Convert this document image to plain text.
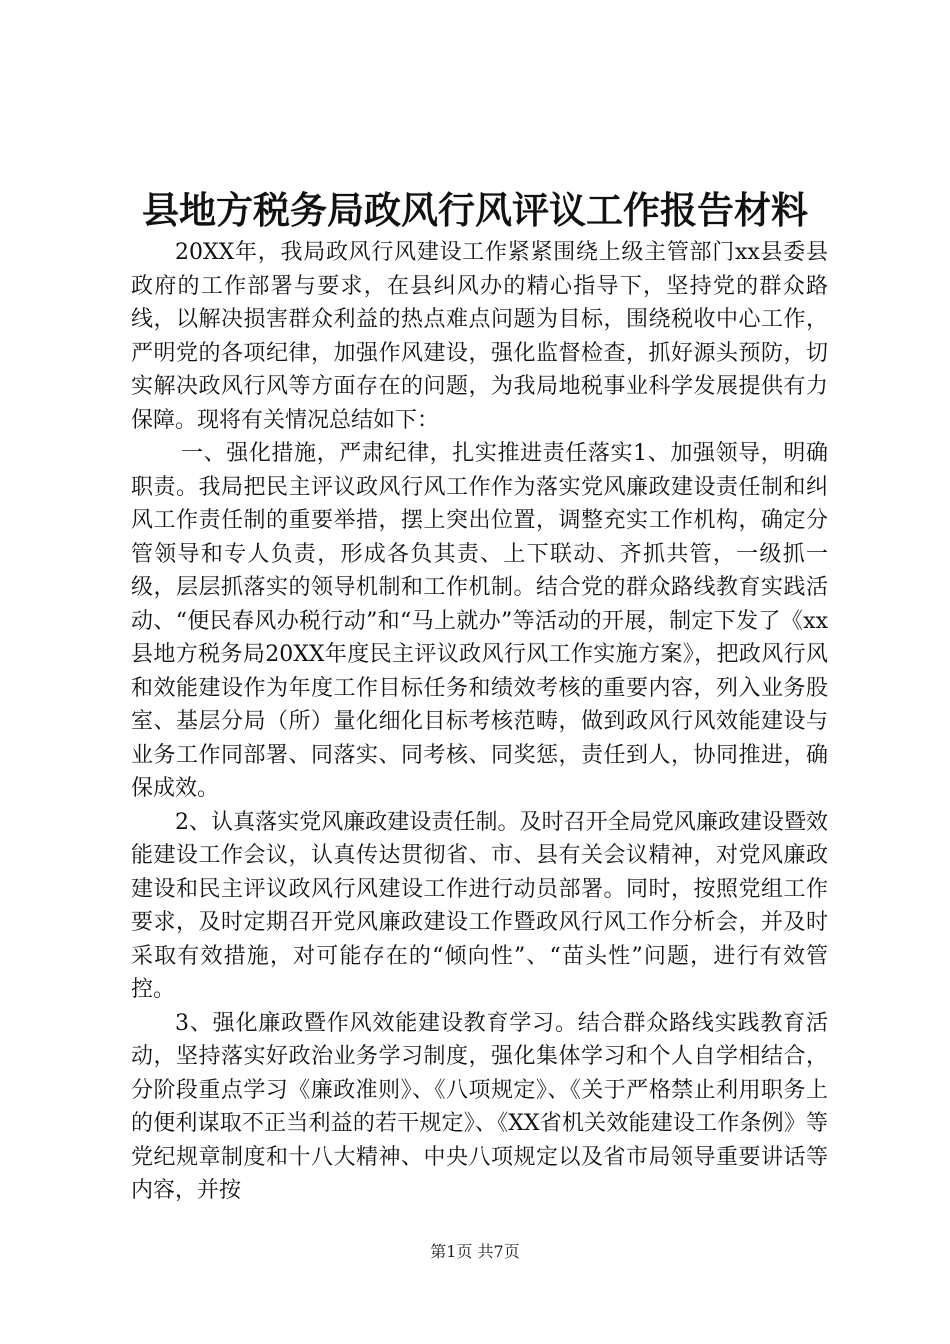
县地方税务局政风行风评议工作报告材料

20XX年，我局政风行风建设工作紧紧围绕上级主管部门xx县委县政府的工作部署与要求，在县纠风办的精心指导下，坚持党的群众路线，以解决损害群众利益的热点难点问题为目标，围绕税收中心工作，严明党的各项纪律，加强作风建设，强化监督检查，抓好源头预防，切实解决政风行风等方面存在的问题，为我局地税事业科学发展提供有力保障。现将有关情况总结如下：

一、强化措施，严肃纪律，扎实推进责任落实1、加强领导，明确职责。我局把民主评议政风行风工作作为落实党风廉政建设责任制和纠风工作责任制的重要举措，摆上突出位置，调整充实工作机构，确定分管领导和专人负责，形成各负其责、上下联动、齐抓共管，一级抓一级，层层抓落实的领导机制和工作机制。结合党的群众路线教育实践活动、“便民春风办税行动”和“马上就办”等活动的开展，制定下发了《xx县地方税务局20XX年度民主评议政风行风工作实施方案》，把政风行风和效能建设作为年度工作目标任务和绩效考核的重要内容，列入业务股室、基层分局（所）量化细化目标考核范畴，做到政风行风效能建设与业务工作同部署、同落实、同考核、同奖惩，责任到人，协同推进，确保成效。

2、认真落实党风廉政建设责任制。及时召开全局党风廉政建设暨效能建设工作会议，认真传达贯彻省、市、县有关会议精神，对党风廉政建设和民主评议政风行风建设工作进行动员部署。同时，按照党组工作要求，及时定期召开党风廉政建设工作暨政风行风工作分析会，并及时采取有效措施，对可能存在的“倾向性”、“苗头性”问题，进行有效管控。

3、强化廉政暨作风效能建设教育学习。结合群众路线实践教育活动，坚持落实好政治业务学习制度，强化集体学习和个人自学相结合，分阶段重点学习《廉政准则》、《八项规定》、《关于严格禁止利用职务上的便利谋取不正当利益的若干规定》、《XX省机关效能建设工作条例》等党纪规章制度和十八大精神、中央八项规定以及省市局领导重要讲话等内容，并按

第1页 共7页
